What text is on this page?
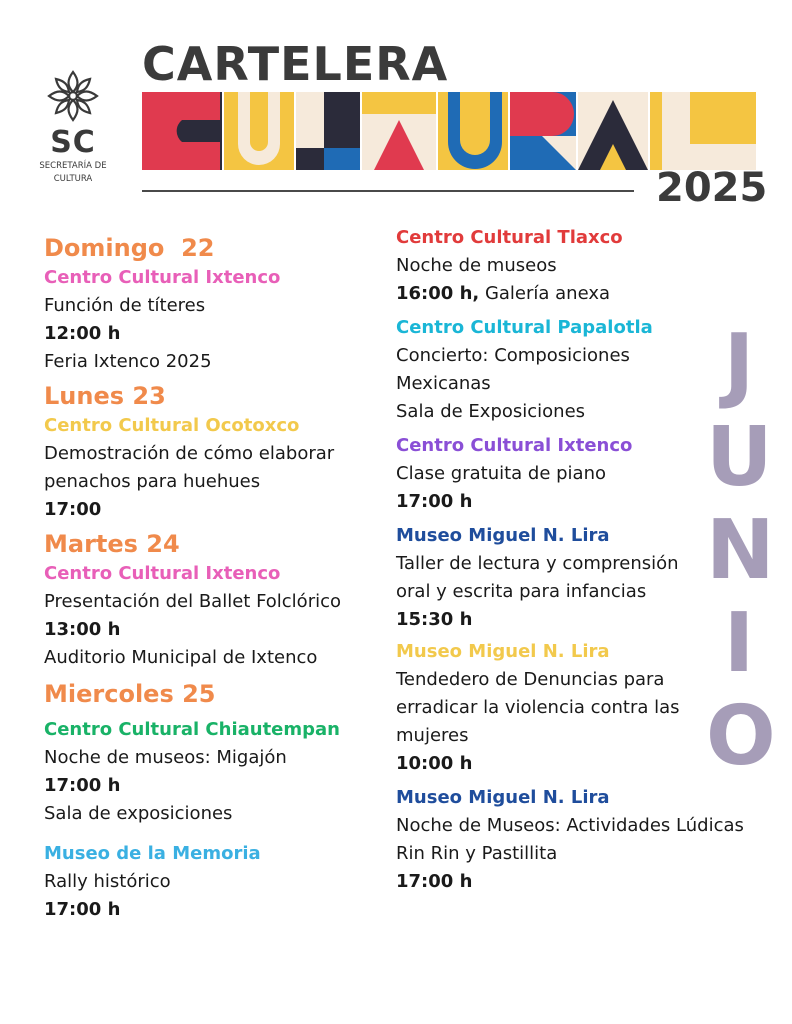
SC
SECRETARÍA DE
CULTURA
CARTELERA
2025
J
U
N
I
O
Domingo  22
Centro Cultural Ixtenco
Función de títeres
12:00 h
Feria Ixtenco 2025
Lunes 23
Centro Cultural Ocotoxco
Demostración de cómo elaborar
penachos para huehues
17:00
Martes 24
Centro Cultural Ixtenco
Presentación del Ballet Folclórico
13:00 h
Auditorio Municipal de Ixtenco
Miercoles 25
Centro Cultural Chiautempan
Noche de museos: Migajón
17:00 h
Sala de exposiciones
Museo de la Memoria
Rally histórico
17:00 h
Centro Cultural Tlaxco
Noche de museos
16:00 h, Galería anexa
Centro Cultural Papalotla
Concierto: Composiciones
Mexicanas
Sala de Exposiciones
Centro Cultural Ixtenco
Clase gratuita de piano
17:00 h
Museo Miguel N. Lira
Taller de lectura y comprensión
oral y escrita para infancias
15:30 h
Museo Miguel N. Lira
Tendedero de Denuncias para
erradicar la violencia contra las
mujeres
10:00 h
Museo Miguel N. Lira
Noche de Museos: Actividades Lúdicas
Rin Rin y Pastillita
17:00 h
